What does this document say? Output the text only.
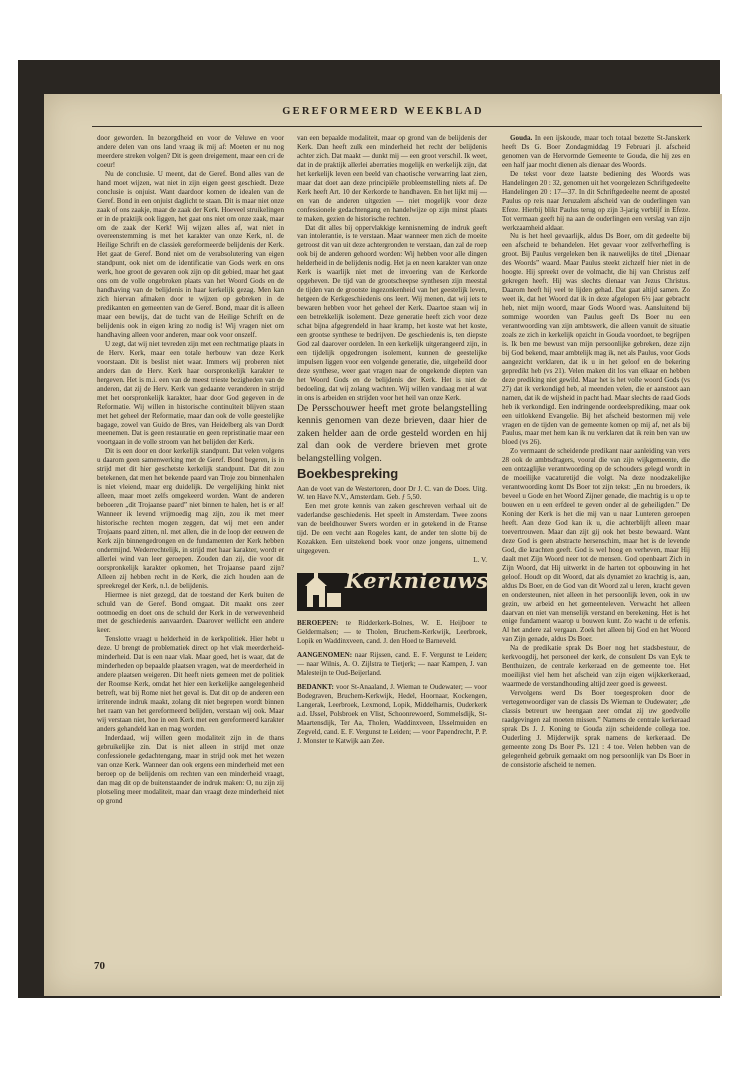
GEREFORMEERD WEEKBLAD

door geworden. In bezorgdheid en voor de Veluwe en voor andere delen van ons land vraag ik mij af: Moeten er nu nog meerdere streken volgen? Dit is geen dreigement, maar een cri de coeur!

Nu de conclusie. U meent, dat de Geref. Bond alles van de hand moet wijzen, wat niet in zijn eigen geest geschiedt. Deze conclusie is onjuist. Want daardoor komen de idealen van de Geref. Bond in een onjuist daglicht te staan. Dit is maar niet onze zaak of ons zaakje, maar de zaak der Kerk. Hoeveel struikelingen er in de praktijk ook liggen, het gaat ons niet om onze zaak, maar om de zaak der Kerk! Wij wijzen alles af, wat niet in overeenstemming is met het karakter van onze Kerk, nl. de Heilige Schrift en de classiek gereformeerde belijdenis der Kerk. Het gaat de Geref. Bond niet om de verabsolutering van eigen standpunt, ook niet om de identificatie van Gods werk en ons werk, hoe groot de gevaren ook zijn op dit gebied, maar het gaat ons om de volle ongebroken plaats van het Woord Gods en de handhaving van de belijdenis in haar kerkelijk gezag. Men kan zich hiervan afmaken door te wijzen op gebreken in de predikanten en gemeenten van de Geref. Bond, maar dit is alleen maar een bewijs, dat de tucht van de Heilige Schrift en de belijdenis ook in eigen kring zo nodig is! Wij vragen niet om handhaving alleen voor anderen, maar ook voor onszelf.

U zegt, dat wij niet tevreden zijn met een rechtmatige plaats in de Herv. Kerk, maar een totale herbouw van deze Kerk voorstaan. Dit is beslist niet waar. Immers wij proberen niet anders dan de Herv. Kerk haar oorspronkelijk karakter te hergeven. Het is m.i. een van de meest trieste bezigheden van de anderen, dat zij de Herv. Kerk van gedaante veranderen in strijd met het oorspronkelijk karakter, haar door God gegeven in de Reformatie. Wij willen in historische continuïteit blijven staan met het geheel der Reformatie, maar dan ook de volle geestelijke bagage, zowel van Guido de Bres, van Heidelberg als van Dordt meenemen. Dat is geen restauratie en geen repristinatie maar een voortgaan in de volle stroom van het belijden der Kerk.

Dit is een door en door kerkelijk standpunt. Dat velen volgens u daarom geen samenwerking met de Geref. Bond begeren, is in strijd met dit hier geschetste kerkelijk standpunt. Dat dit zou betekenen, dat men het bekende paard van Troje zou binnenhalen is niet vleiend, maar erg duidelijk. De vergelijking hinkt niet alleen, maar moet zelfs omgekeerd worden. Want de anderen beboeren „dit Trojaanse paard” niet binnen te halen, het is er al! Wanneer ik levend vrijmoedig mag zijn, zou ik met meer historische rechten mogen zeggen, dat wij met een ander Trojaans paard zitten, nl. met allen, die in de loop der eeuwen de Kerk zijn binnengedrongen en de fundamenten der Kerk hebben ondermijnd. Wederrechtelijk, in strijd met haar karakter, wordt er allerlei wind van leer geroepen. Zouden dan zij, die voor dit oorspronkelijk karakter opkomen, het Trojaanse paard zijn? Alleen zij hebben recht in de Kerk, die zich houden aan de spreekregel der Kerk, n.l. de belijdenis.

Hiermee is niet gezegd, dat de toestand der Kerk buiten de schuld van de Geref. Bond omgaat. Dit maakt ons zeer ootmoedig en doet ons de schuld der Kerk in de verwevenheid met de geschiedenis aanvaarden. Daarover wellicht een andere keer.

Tenslotte vraagt u helderheid in de kerkpolitiek. Hier hebt u deze. U brengt de problematiek direct op het vlak meerderheid-minderheid. Dat is een naar vlak. Maar goed, het is waar, dat de minderheden op bepaalde plaatsen vragen, wat de meerderheid in andere plaatsen weigeren. Dit heeft niets gemeen met de politiek der Roomse Kerk, omdat het hier een kerkelijke aangelegenheid betreft, wat bij Rome niet het geval is. Dat dit op de anderen een irriterende indruk maakt, zolang dit niet begrepen wordt binnen het raam van het gereformeerd belijden, verstaan wij ook. Maar wij verstaan niet, hoe in een Kerk met een gereformeerd karakter anders gehandeld kan en mag worden.

Inderdaad, wij willen geen modaliteit zijn in de thans gebruikelijke zin. Dat is niet alleen in strijd met onze confessionele gedachtengang, maar in strijd ook met het wezen van onze Kerk. Wanneer dan ook ergens een minderheid met een beroep op de belijdenis om rechten van een minderheid vraagt, dan mag dit op de buitenstaander de indruk maken: O, nu zijn zij plotseling meer modaliteit, maar dan vraagt deze minderheid niet op grond

van een bepaalde modaliteit, maar op grond van de belijdenis der Kerk. Dan heeft zulk een minderheid het recht der belijdenis achter zich. Dat maakt — dunkt mij — een groot verschil. Ik weet, dat in de praktijk allerlei aberraties mogelijk en werkelijk zijn, dat het kerkelijk leven een beeld van chaotische verwarring laat zien, maar dat doet aan deze principiële probleemstelling niets af. De Kerk heeft Art. 10 der Kerkorde te handhaven. En het lijkt mij — en van de anderen uitgezien — niet mogelijk voor deze confessionele gedachtengang en handelwijze op zijn minst plaats te maken, gezien de historische rechten.

Dat dit alles bij oppervlakkige kennisneming de indruk geeft van intolerantie, is te verstaan. Maar wanneer men zich de moeite getroost dit van uit deze achtergronden te verstaan, dan zal de roep ook bij de anderen gehoord worden: Wij hebben voor alle dingen helderheid in de belijdenis nodig. Het ja en neen karakter van onze Kerk is waarlijk niet met de invoering van de Kerkorde opgeheven. De tijd van de grootscheepse synthesen zijn meestal de tijden van de grootste ingezonkenheid van het geestelijk leven, hetgeen de Kerkgeschiedenis ons leert. Wij menen, dat wij iets te bewaren hebben voor het geheel der Kerk. Daartoe staan wij in een betrekkelijk isolement. Deze generatie heeft zich voor deze schat bijna afgegrendeld in haar kramp, het koste wat het koste, een grootse synthese te bedrijven. De geschiedenis is, ten diepste God zal daarover oordelen. In een kerkelijk uitgerangeerd zijn, in een tijdelijk opgedrongen isolement, kunnen de geestelijke impulsen liggen voor een volgende generatie, die, uitgeheild door deze synthese, weer gaat vragen naar de ongekende diepten van het Woord Gods en de belijdenis der Kerk. Het is niet de bedoeling, dat wij zolang wachten. Wij willen vandaag met al wat in ons is arbeiden en strijden voor het heil van onze Kerk.

De Persschouwer heeft met grote belangstelling kennis genomen van deze brieven, daar hier de zaken helder aan de orde gesteld worden en hij zal dan ook de verdere brieven met grote belangstelling volgen.

Boekbespreking

Aan de voet van de Westertoren, door Dr J. C. van de Does. Uitg. W. ten Have N.V., Amsterdam. Geb. ƒ 5,50.

Een met grote kennis van zaken geschreven verhaal uit de vaderlandse geschiedenis. Het speelt in Amsterdam. Twee zoons van de beeldhouwer Swers worden er in getekend in de Franse tijd. De een vecht aan Rogeles kant, de ander ten slotte bij de Kozakken. Een uitstekend boek voor onze jongens, uitnemend uitgegeven.

L. V.
Kerknieuws

BEROEPEN: te Ridderkerk-Bolnes, W. E. Heijboer te Geldermalsen; — te Tholen, Bruchem-Kerkwijk, Leerbroek, Lopik en Waddinxveen, cand. J. den Hoed te Barneveld.

AANGENOMEN: naar Rijssen, cand. E. F. Vergunst te Leiden; — naar Wilnis, A. O. Zijlstra te Tietjerk; — naar Kampen, J. van Malesteijn te Oud-Beijerland.

BEDANKT: voor St-Anaaland, J. Wieman te Oudewater; — voor Bodegraven, Bruchem-Kerkwijk, Hedel, Hoornaar, Kockengen, Langerak, Leerbroek, Lexmond, Lopik, Middelharnis, Ouderkerk a.d. IJssel, Polsbroek en Vlist, Schoonrewoerd, Sommelsdijk, St-Maartensdijk, Ter Aa, Tholen, Waddinxveen, IJsselmuiden en Zegveld, cand. E. F. Vergunst te Leiden; — voor Papendrecht, P. P. J. Monster te Katwijk aan Zee.

Gouda. In een ijskoude, maar toch totaal bezette St-Janskerk heeft Ds G. Boer Zondagmiddag 19 Februari jl. afscheid genomen van de Hervormde Gemeente te Gouda, die hij zes en een half jaar mocht dienen als dienaar des Woords.

De tekst voor deze laatste bediening des Woords was Handelingen 20 : 32, genomen uit het voorgelezen Schriftgedeelte Handelingen 20 : 17—37. In dit Schriftgedeelte neemt de apostel Paulus op reis naar Jeruzalem afscheid van de ouderlingen van Efeze. Hierbij blikt Paulus terug op zijn 3-jarig verblijf in Efeze. Tot vermaan geeft hij na aan de ouderlingen een verslag van zijn werkzaamheid aldaar.

Nu is het heel gevaarlijk, aldus Ds Boer, om dit gedeelte bij een afscheid te behandelen. Het gevaar voor zelfverheffing is groot. Bij Paulus vergeleken ben ik nauwelijks de titel „Dienaar des Woords” waard. Maar Paulus steekt zichzelf hier niet in de hoogte. Hij spreekt over de volmacht, die hij van Christus zelf gekregen heeft. Hij was slechts dienaar van Jezus Christus. Daarom heeft hij veel te lijden gehad. Dat gaat altijd samen. Zo weet ik, dat het Woord dat ik in deze afgelopen 6½ jaar gebracht heb, niet mijn woord, maar Gods Woord was. Aansluitend bij sommige woorden van Paulus geeft Ds Boer nu een verantwoording van zijn ambtswerk, die alleen vanuit de situatie zoals ze zich in kerkelijk opzicht in Gouda voordoet, te begrijpen is. Ik ben me bewust van mijn persoonlijke gebreken, deze zijn bij God bekend, maar ambtelijk mag ik, net als Paulus, voor Gods aangezicht verklaren, dat ik u in het geloof en de bekering gepredikt heb (vs 21). Velen maken dit los van elkaar en hebben deze prediking niet gewild. Maar het is het volle woord Gods (vs 27) dat ik verkondigd heb, al meenden velen, die er aanstoot aan namen, dat ik de wijsheid in pacht had. Maar slechts de raad Gods heb ik verkondigd. Een indringende oordeelsprediking, maar ook een uitlokkend Evangelie. Bij het afscheid bestormen mij vele vragen en de tijden van de gemeente komen op mij af, net als bij Paulus, maar met hem kan ik nu verklaren dat ik rein ben van uw bloed (vs 26).

Zo vermaant de scheidende predikant naar aanleiding van vers 28 ook de ambtsdragers, vooral die van zijn wijkgemeente, die een ontzaglijke verantwoording op de schouders gelegd wordt in de moeilijke vacaturetijd die volgt. Na deze noodzakelijke verantwoording komt Ds Boer tot zijn tekst: „En nu broeders, ik beveel u Gode en het Woord Zijner genade, die machtig is u op te bouwen en u een erfdeel te geven onder al de geheiligden.” De Koning der Kerk is het die mij van u naar Lunteren geroepen heeft. Aan deze God kan ik u, die achterblijft alleen maar toevertrouwen. Maar dan zijt gij ook het beste bewaard. Want deze God is geen abstracte hersenschim, maar het is de levende God, die krachten geeft. God is wel hoog en verheven, maar Hij daalt met Zijn Woord neer tot de mensen. God openbaart Zich in Zijn Woord, dat Hij uitwerkt in de harten tot opbouwing in het geloof. Houdt op dit Woord, dat als dynamiet zo krachtig is, aan, aldus Ds Boer, en de God van dit Woord zal u leren, kracht geven en ondersteunen, niet alleen in het persoonlijk leven, ook in uw gezin, uw arbeid en het gemeenteleven. Verwacht het alleen daarvan en niet van menselijk verstand en berekening. Het is het enige fundament waarop u bouwen kunt. Zo wacht u de erfenis. Al het andere zal vergaan. Zoek het alleen bij God en het Woord van Zijn genade, aldus Ds Boer.

Na de predikatie sprak Ds Boer nog het stadsbestuur, de kerkvoogdij, het personeel der kerk, de consulent Ds van Eyk te Benthuizen, de centrale kerkeraad en de gemeente toe. Het moeilijkst viel hem het afscheid van zijn eigen wijkkerkeraad, waarmede de verstandhouding altijd zeer goed is geweest.

Vervolgens werd Ds Boer toegesproken door de vertegenwoordiger van de classis Ds Wieman te Oudewater; „de classis betreurt uw heengaan zeer omdat zij uw goedvolle raadgevingen zal moeten missen.” Namens de centrale kerkeraad sprak Ds J. J. Koning te Gouda zijn scheidende collega toe. Ouderling J. Mijderwijk sprak namens de kerkeraad. De gemeente zong Ds Boer Ps. 121 : 4 toe. Velen hebben van de gelegenheid gebruik gemaakt om nog persoonlijk van Ds Boer in de consistorie afscheid te nemen.

70
